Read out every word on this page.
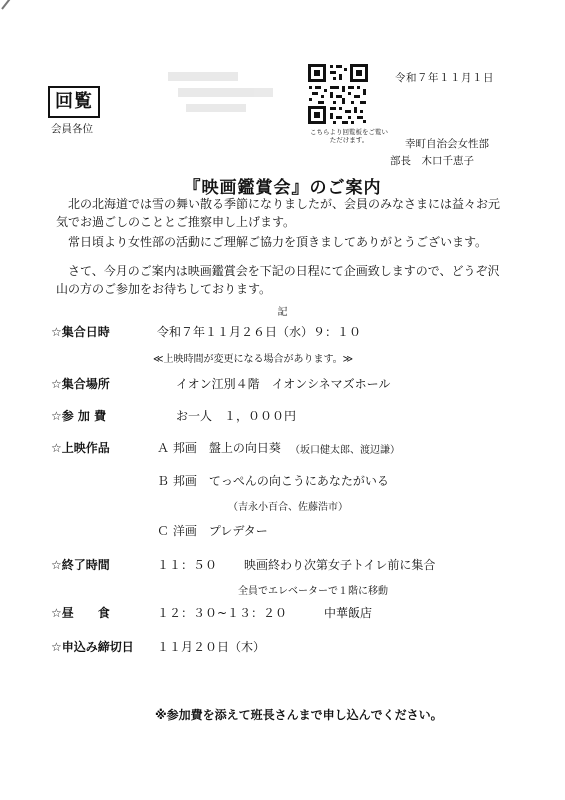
回覧
会員各位	こちらより回覧板をご覧いただけます。
令和７年１１月１日
幸町自治会女性部
部長　木口千恵子
『映画鑑賞会』のご案内

　北の北海道では雪の舞い散る季節になりましたが、会員のみなさまには益々お元気でお過ごしのこととご推察申し上げます。

　常日頃より女性部の活動にご理解ご協力を頂きましてありがとうございます。

　さて、今月のご案内は映画鑑賞会を下記の日程にて企画致しますので、どうぞ沢山の方のご参加をお待ちしております。

記
☆集合日時	令和７年１１月２６日（水）９：１０
≪上映時間が変更になる場合があります。≫
☆集合場所	イオン江別４階　イオンシネマズホール
☆参 加 費	お一人　１，０００円
☆上映作品	Ａ 邦画　盤上の向日葵 （坂口健太郎、渡辺謙）
Ｂ 邦画　てっぺんの向こうにあなたがいる
（吉永小百合、佐藤浩市）
Ｃ 洋画　プレデター
☆終了時間	１１：５０ 映画終わり次第女子トイレ前に集合
全員でエレベーターで１階に移動
☆昼　　食	１２：３０~１３：２０	中華飯店
☆申込み締切日 １１月２０日（木）
※参加費を添えて班長さんまで申し込んでください。
